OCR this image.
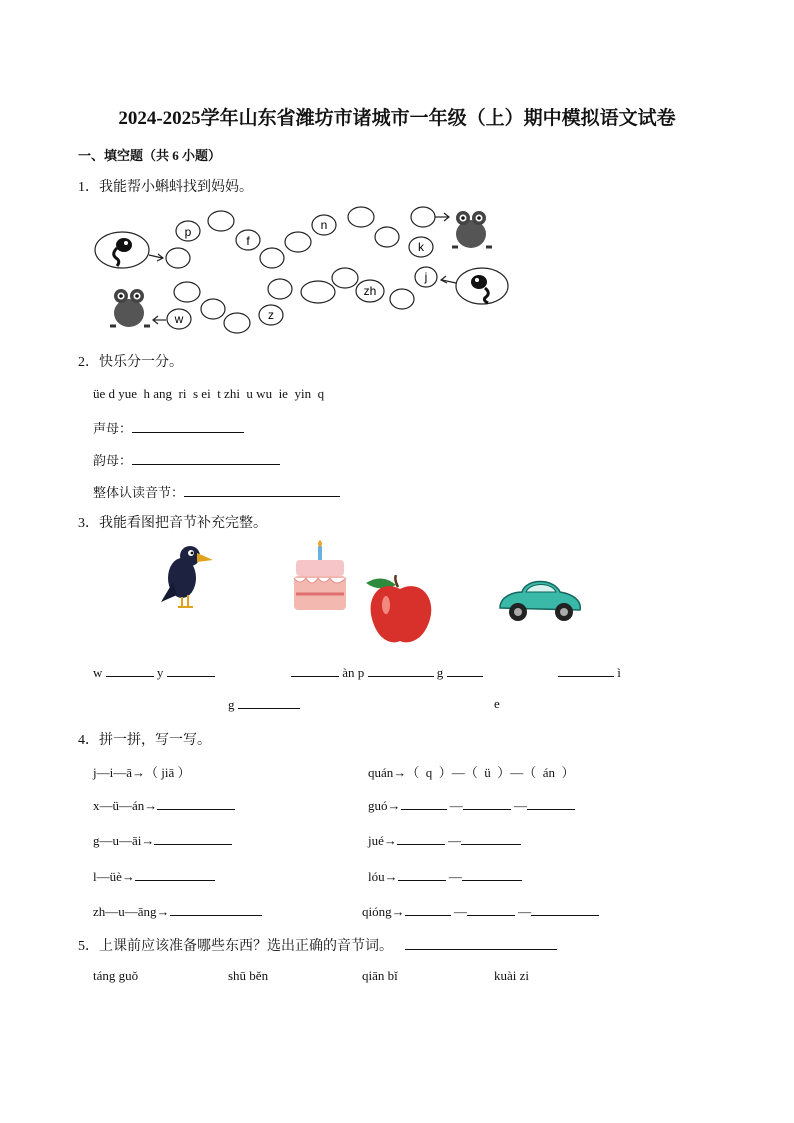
2024-2025学年山东省潍坊市诸城市一年级（上）期中模拟语文试卷
一、填空题（共 6 小题）
1．我能帮小蝌蚪找到妈妈。
p
f
n
k
j
zh
z
w
2．快乐分一分。
üe d yue  h ang  ri  s ei  t zhi  u wu  ie  yin  q
声母：
韵母：
整体认读音节：
3．我能看图把音节补充完整。
w	y	àn p	g	ì
g	e
4．拼一拼，写一写。
j—i—ā→（ jiā ）
x—ü—án→
g—u—āi→
l—üè→
zh—u—āng→
quán→（  q  ）—（  ü  ）—（  án  ）
guó→	—	—
jué→	—
lóu→	—
qióng→	—	—
5．上课前应该准备哪些东西？选出正确的音节词。
táng guǒ	shū běn	qiān bǐ	kuài zi
